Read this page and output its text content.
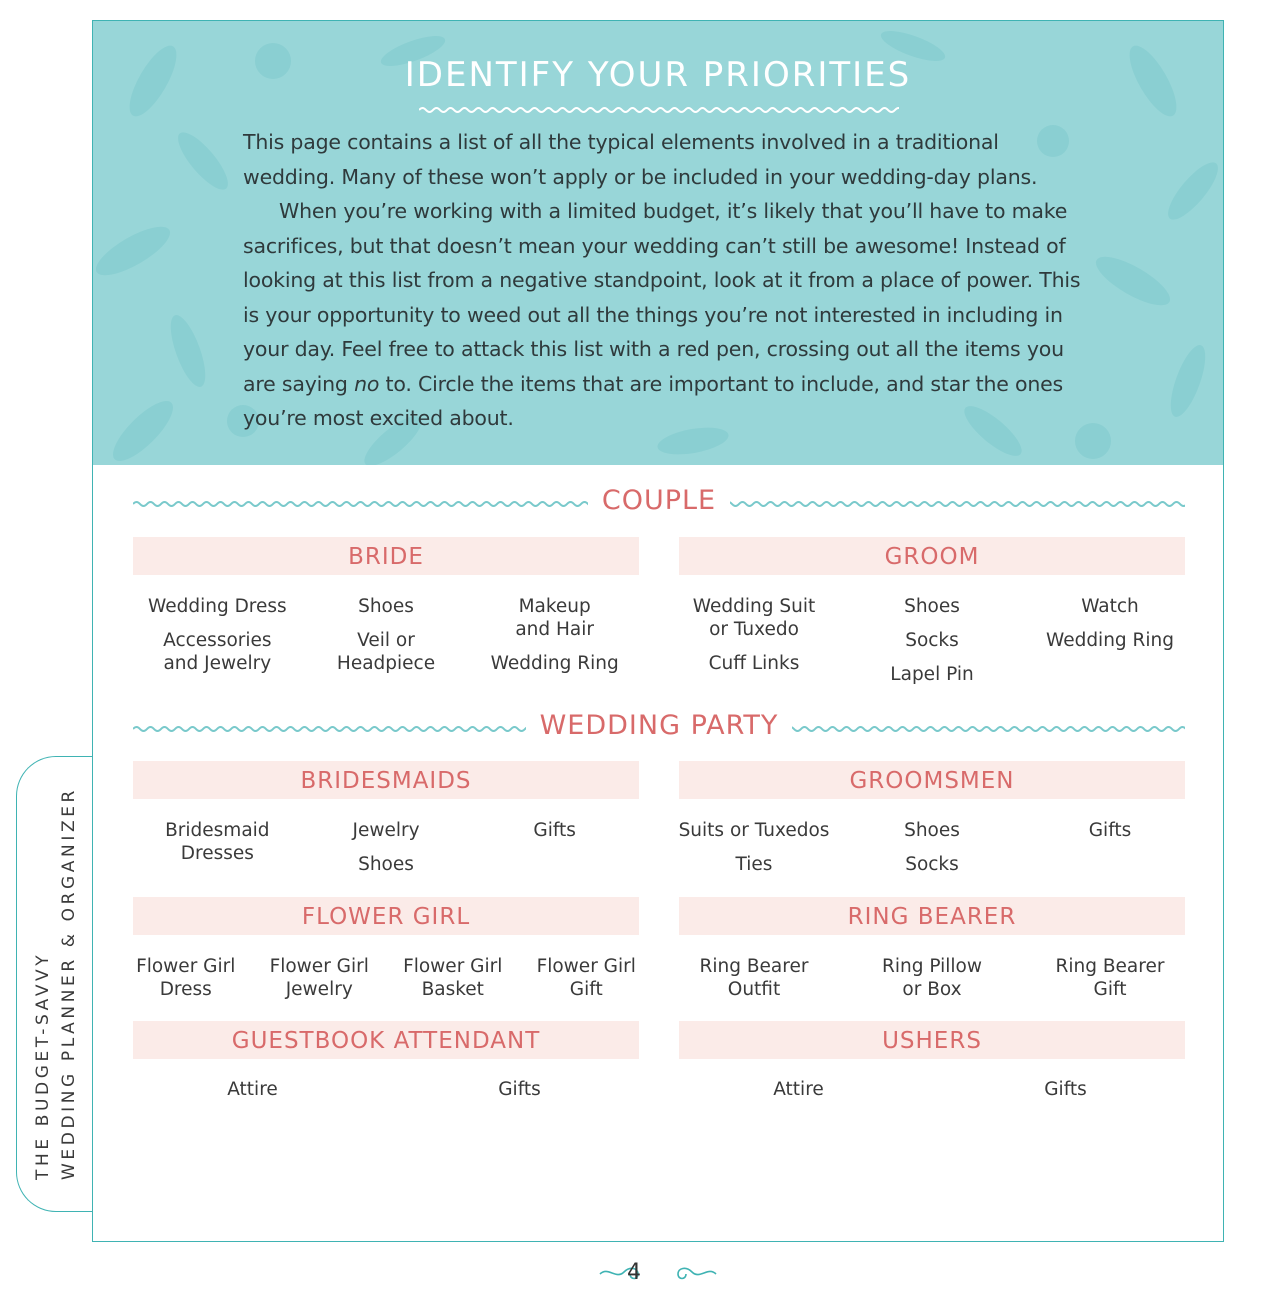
THE BUDGET-SAVVY WEDDING PLANNER & ORGANIZER
IDENTIFY YOUR PRIORITIES

This page contains a list of all the typical elements involved in a traditional wedding. Many of these won’t apply or be included in your wedding-day plans.

When you’re working with a limited budget, it’s likely that you’ll have to make sacrifices, but that doesn’t mean your wedding can’t still be awesome! Instead of looking at this list from a negative standpoint, look at it from a place of power. This is your opportunity to weed out all the things you’re not interested in including in your day. Feel free to attack this list with a red pen, crossing out all the items you are saying no to. Circle the items that are important to include, and star the ones you’re most excited about.

COUPLE
BRIDE
Wedding Dress
Accessories
and Jewelry
Shoes
Veil or
Headpiece
Makeup
and Hair
Wedding Ring
GROOM
Wedding Suit
or Tuxedo
Cuff Links
Shoes
Socks
Lapel Pin
Watch
Wedding Ring
WEDDING PARTY
BRIDESMAIDS
Bridesmaid
Dresses
Jewelry
Shoes
Gifts
GROOMSMEN
Suits or Tuxedos
Ties
Shoes
Socks
Gifts
FLOWER GIRL
Flower Girl
Dress
Flower Girl
Jewelry
Flower Girl
Basket
Flower Girl
Gift
RING BEARER
Ring Bearer
Outfit
Ring Pillow
or Box
Ring Bearer
Gift
GUESTBOOK ATTENDANT
Attire	Gifts
USHERS
Attire	Gifts
4
